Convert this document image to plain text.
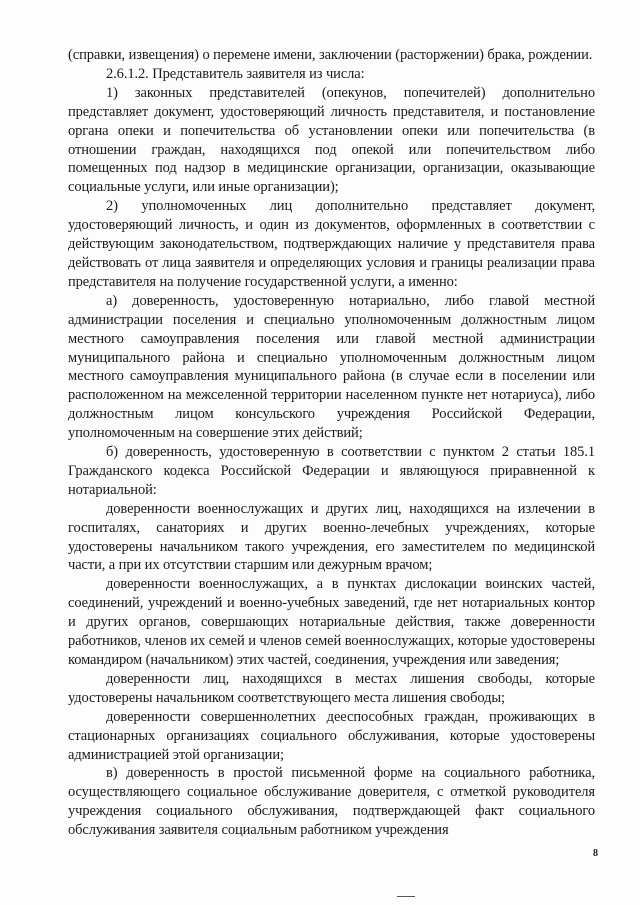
(справки, извещения) о перемене имени, заключении (расторжении) брака, рождении.

2.6.1.2. Представитель заявителя из числа:

1) законных представителей (опекунов, попечителей) дополнительно представляет документ, удостоверяющий личность представителя, и постановление органа опеки и попечительства об установлении опеки или попечительства (в отношении граждан, находящихся под опекой или попечительством либо помещенных под надзор в медицинские организации, организации, оказывающие социальные услуги, или иные организации);

2) уполномоченных лиц дополнительно представляет документ, удостоверяющий личность, и один из документов, оформленных в соответствии с действующим законодательством, подтверждающих наличие у представителя права действовать от лица заявителя и определяющих условия и границы реализации права представителя на получение государственной услуги, а именно:

а) доверенность, удостоверенную нотариально, либо главой местной администрации поселения и специально уполномоченным должностным лицом местного самоуправления поселения или главой местной администрации муниципального района и специально уполномоченным должностным лицом местного самоуправления муниципального района (в случае если в поселении или расположенном на межселенной территории населенном пункте нет нотариуса), либо должностным лицом консульского учреждения Российской Федерации, уполномоченным на совершение этих действий;

б) доверенность, удостоверенную в соответствии с пунктом 2 статьи 185.1 Гражданского кодекса Российской Федерации и являющуюся приравненной к нотариальной:

доверенности военнослужащих и других лиц, находящихся на излечении в госпиталях, санаториях и других военно-лечебных учреждениях, которые удостоверены начальником такого учреждения, его заместителем по медицинской части, а при их отсутствии старшим или дежурным врачом;

доверенности военнослужащих, а в пунктах дислокации воинских частей, соединений, учреждений и военно-учебных заведений, где нет нотариальных контор и других органов, совершающих нотариальные действия, также доверенности работников, членов их семей и членов семей военнослужащих, которые удостоверены командиром (начальником) этих частей, соединения, учреждения или заведения;

доверенности лиц, находящихся в местах лишения свободы, которые удостоверены начальником соответствующего места лишения свободы;

доверенности совершеннолетних дееспособных граждан, проживающих в стационарных организациях социального обслуживания, которые удостоверены администрацией этой организации;

в) доверенность в простой письменной форме на социального работника, осуществляющего социальное обслуживание доверителя, с отметкой руководителя учреждения социального обслуживания, подтверждающей факт социального обслуживания заявителя социальным работником учреждения

8
